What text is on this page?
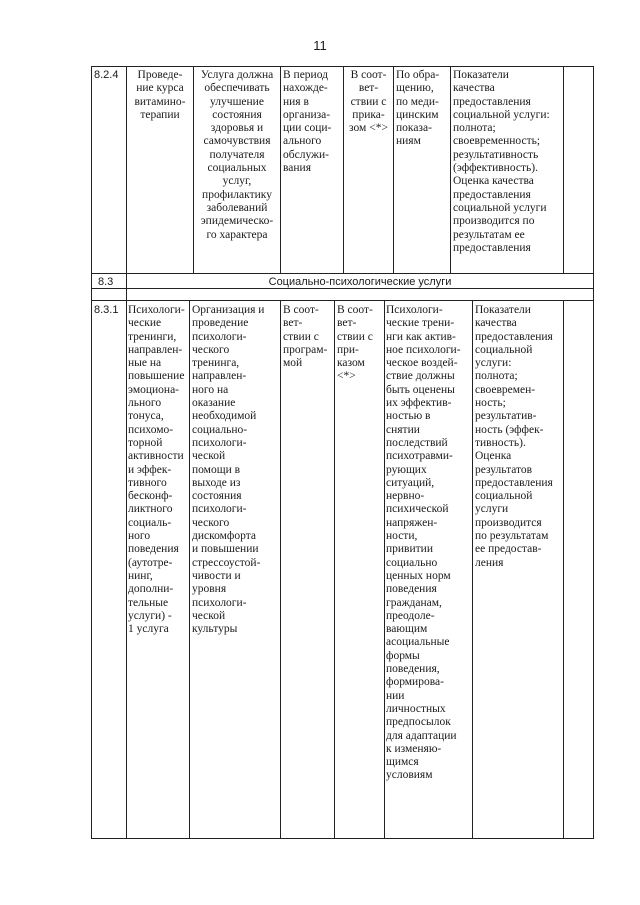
11
8.2.4	Проведе-
ние курса
витамино-
терапии
Услуга должна
обеспечивать
улучшение
состояния
здоровья и
самочувствия
получателя
социальных
услуг,
профилактику
заболеваний
эпидемическо-
го характера
В период
нахожде-
ния в
организа-
ции соци-
ального
обслужи-
вания
В соот-
вет-
ствии с
прика-
зом <*>
По обра-
щению,
по меди-
цинским
показа-
ниям
Показатели
качества
предоставления
социальной услуги:
полнота;
своевременность;
результативность
(эффективность).
Оценка качества
предоставления
социальной услуги
производится по
результатам ее
предоставления
8.3	Социально-психологические услуги
8.3.1 Психологи-
ческие
тренинги,
направлен-
ные на
повышение
эмоциона-
льного
тонуса,
психомо-
торной
активности
и эффек-
тивного
бесконф-
ликтного
социаль-
ного
поведения
(аутотре-
нинг,
дополни-
тельные
услуги) -
1 услуга
Организация и
проведение
психологи-
ческого
тренинга,
направлен-
ного на
оказание
необходимой
социально-
психологи-
ческой
помощи в
выходе из
состояния
психологи-
ческого
дискомфорта
и повышении
стрессоустой-
чивости и
уровня
психологи-
ческой
культуры
В соот-
вет-
ствии с
програм-
мой
В соот-
вет-
ствии с
при-
казом
<*>
Психологи-
ческие трени-
нги как актив-
ное психологи-
ческое воздей-
ствие должны
быть оценены
их эффектив-
ностью в
снятии
последствий
психотравми-
рующих
ситуаций,
нервно-
психической
напряжен-
ности,
привитии
социально
ценных норм
поведения
гражданам,
преодоле-
вающим
асоциальные
формы
поведения,
формирова-
нии
личностных
предпосылок
для адаптации
к изменяю-
щимся
условиям
Показатели
качества
предоставления
социальной
услуги:
полнота;
своевремен-
ность;
результатив-
ность (эффек-
тивность).
Оценка
результатов
предоставления
социальной
услуги
производится
по результатам
ее предостав-
ления
